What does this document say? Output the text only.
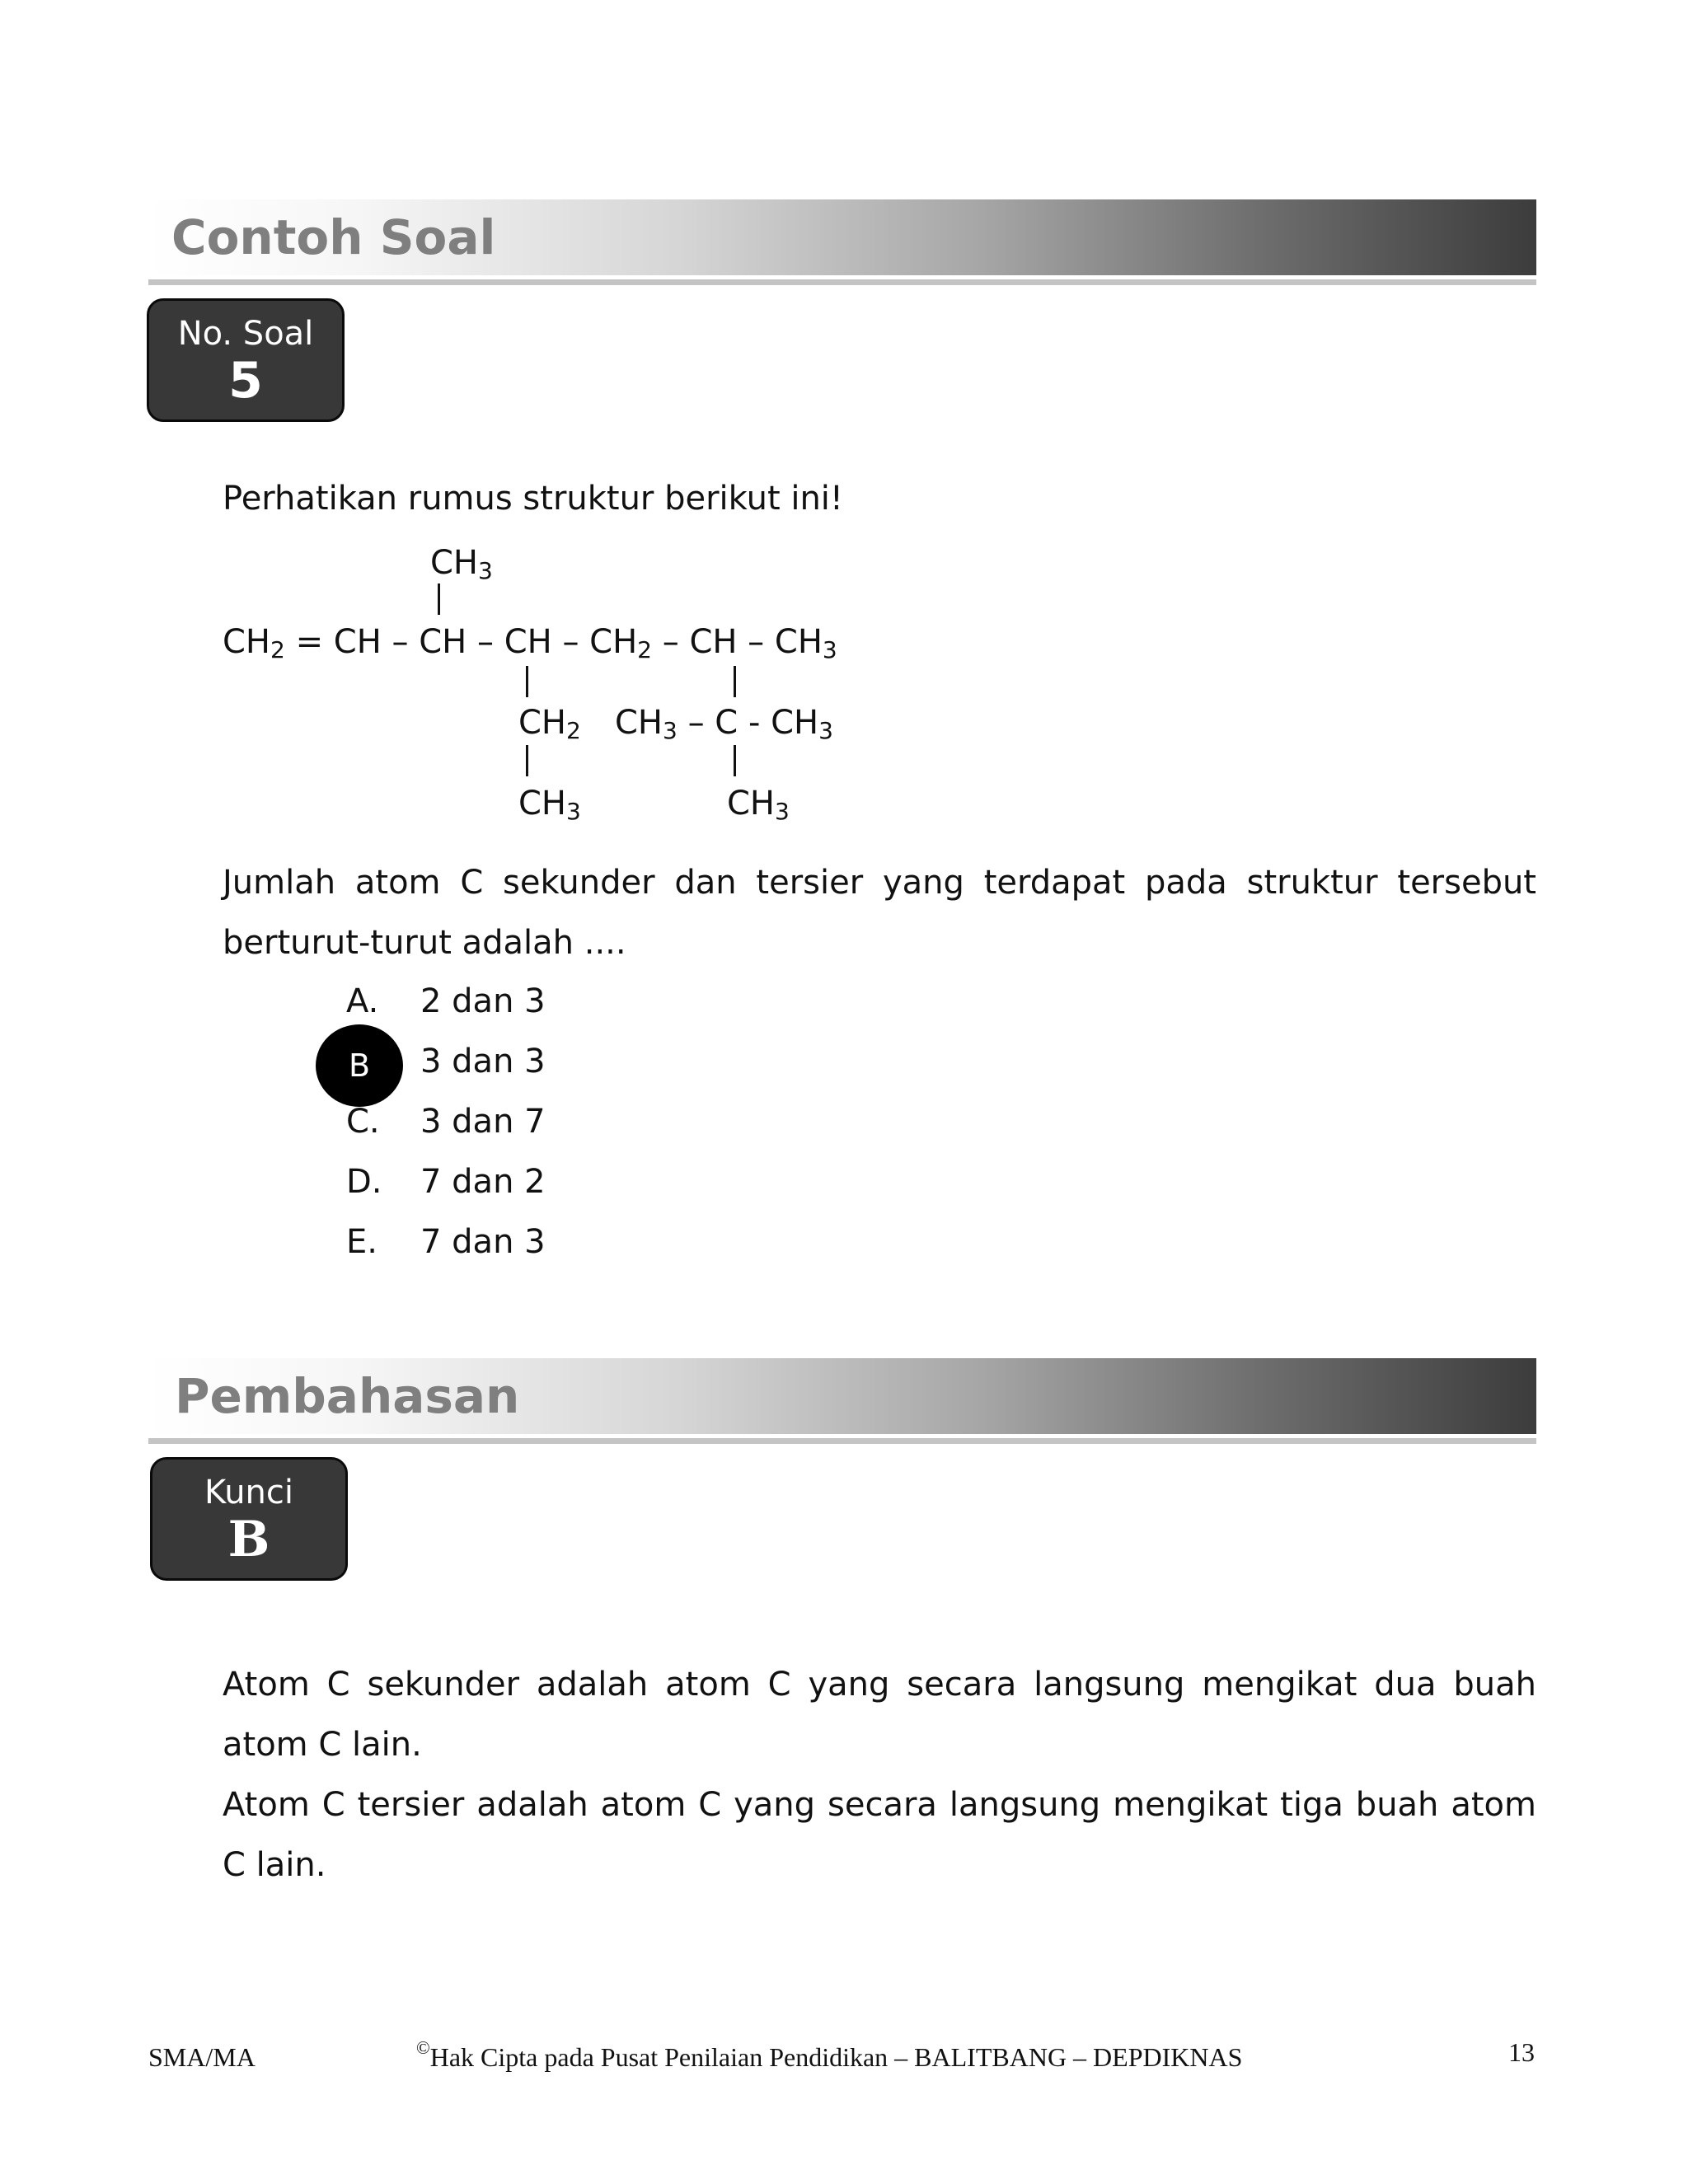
Contoh Soal
No. Soal
5
Perhatikan rumus struktur berikut ini!
$CH_3$
$CH_2$ = CH – CH – CH – $CH_2$ – CH – $CH_3$
$CH_2$ $CH_3$ – C - $CH_3$
$CH_3$	$CH_3$
Jumlah atom C sekunder dan tersier yang terdapat pada struktur tersebut berturut-turut adalah ....
A. 2 dan 3
B	3 dan 3
C. 3 dan 7
D. 7 dan 2
E. 7 dan 3
Pembahasan
Kunci
B
Atom C sekunder adalah atom C yang secara langsung mengikat dua buah atom C lain.
Atom C tersier adalah atom C yang secara langsung mengikat tiga buah atom C lain.
SMA/MA	©Hak Cipta pada Pusat Penilaian Pendidikan – BALITBANG – DEPDIKNAS	13
